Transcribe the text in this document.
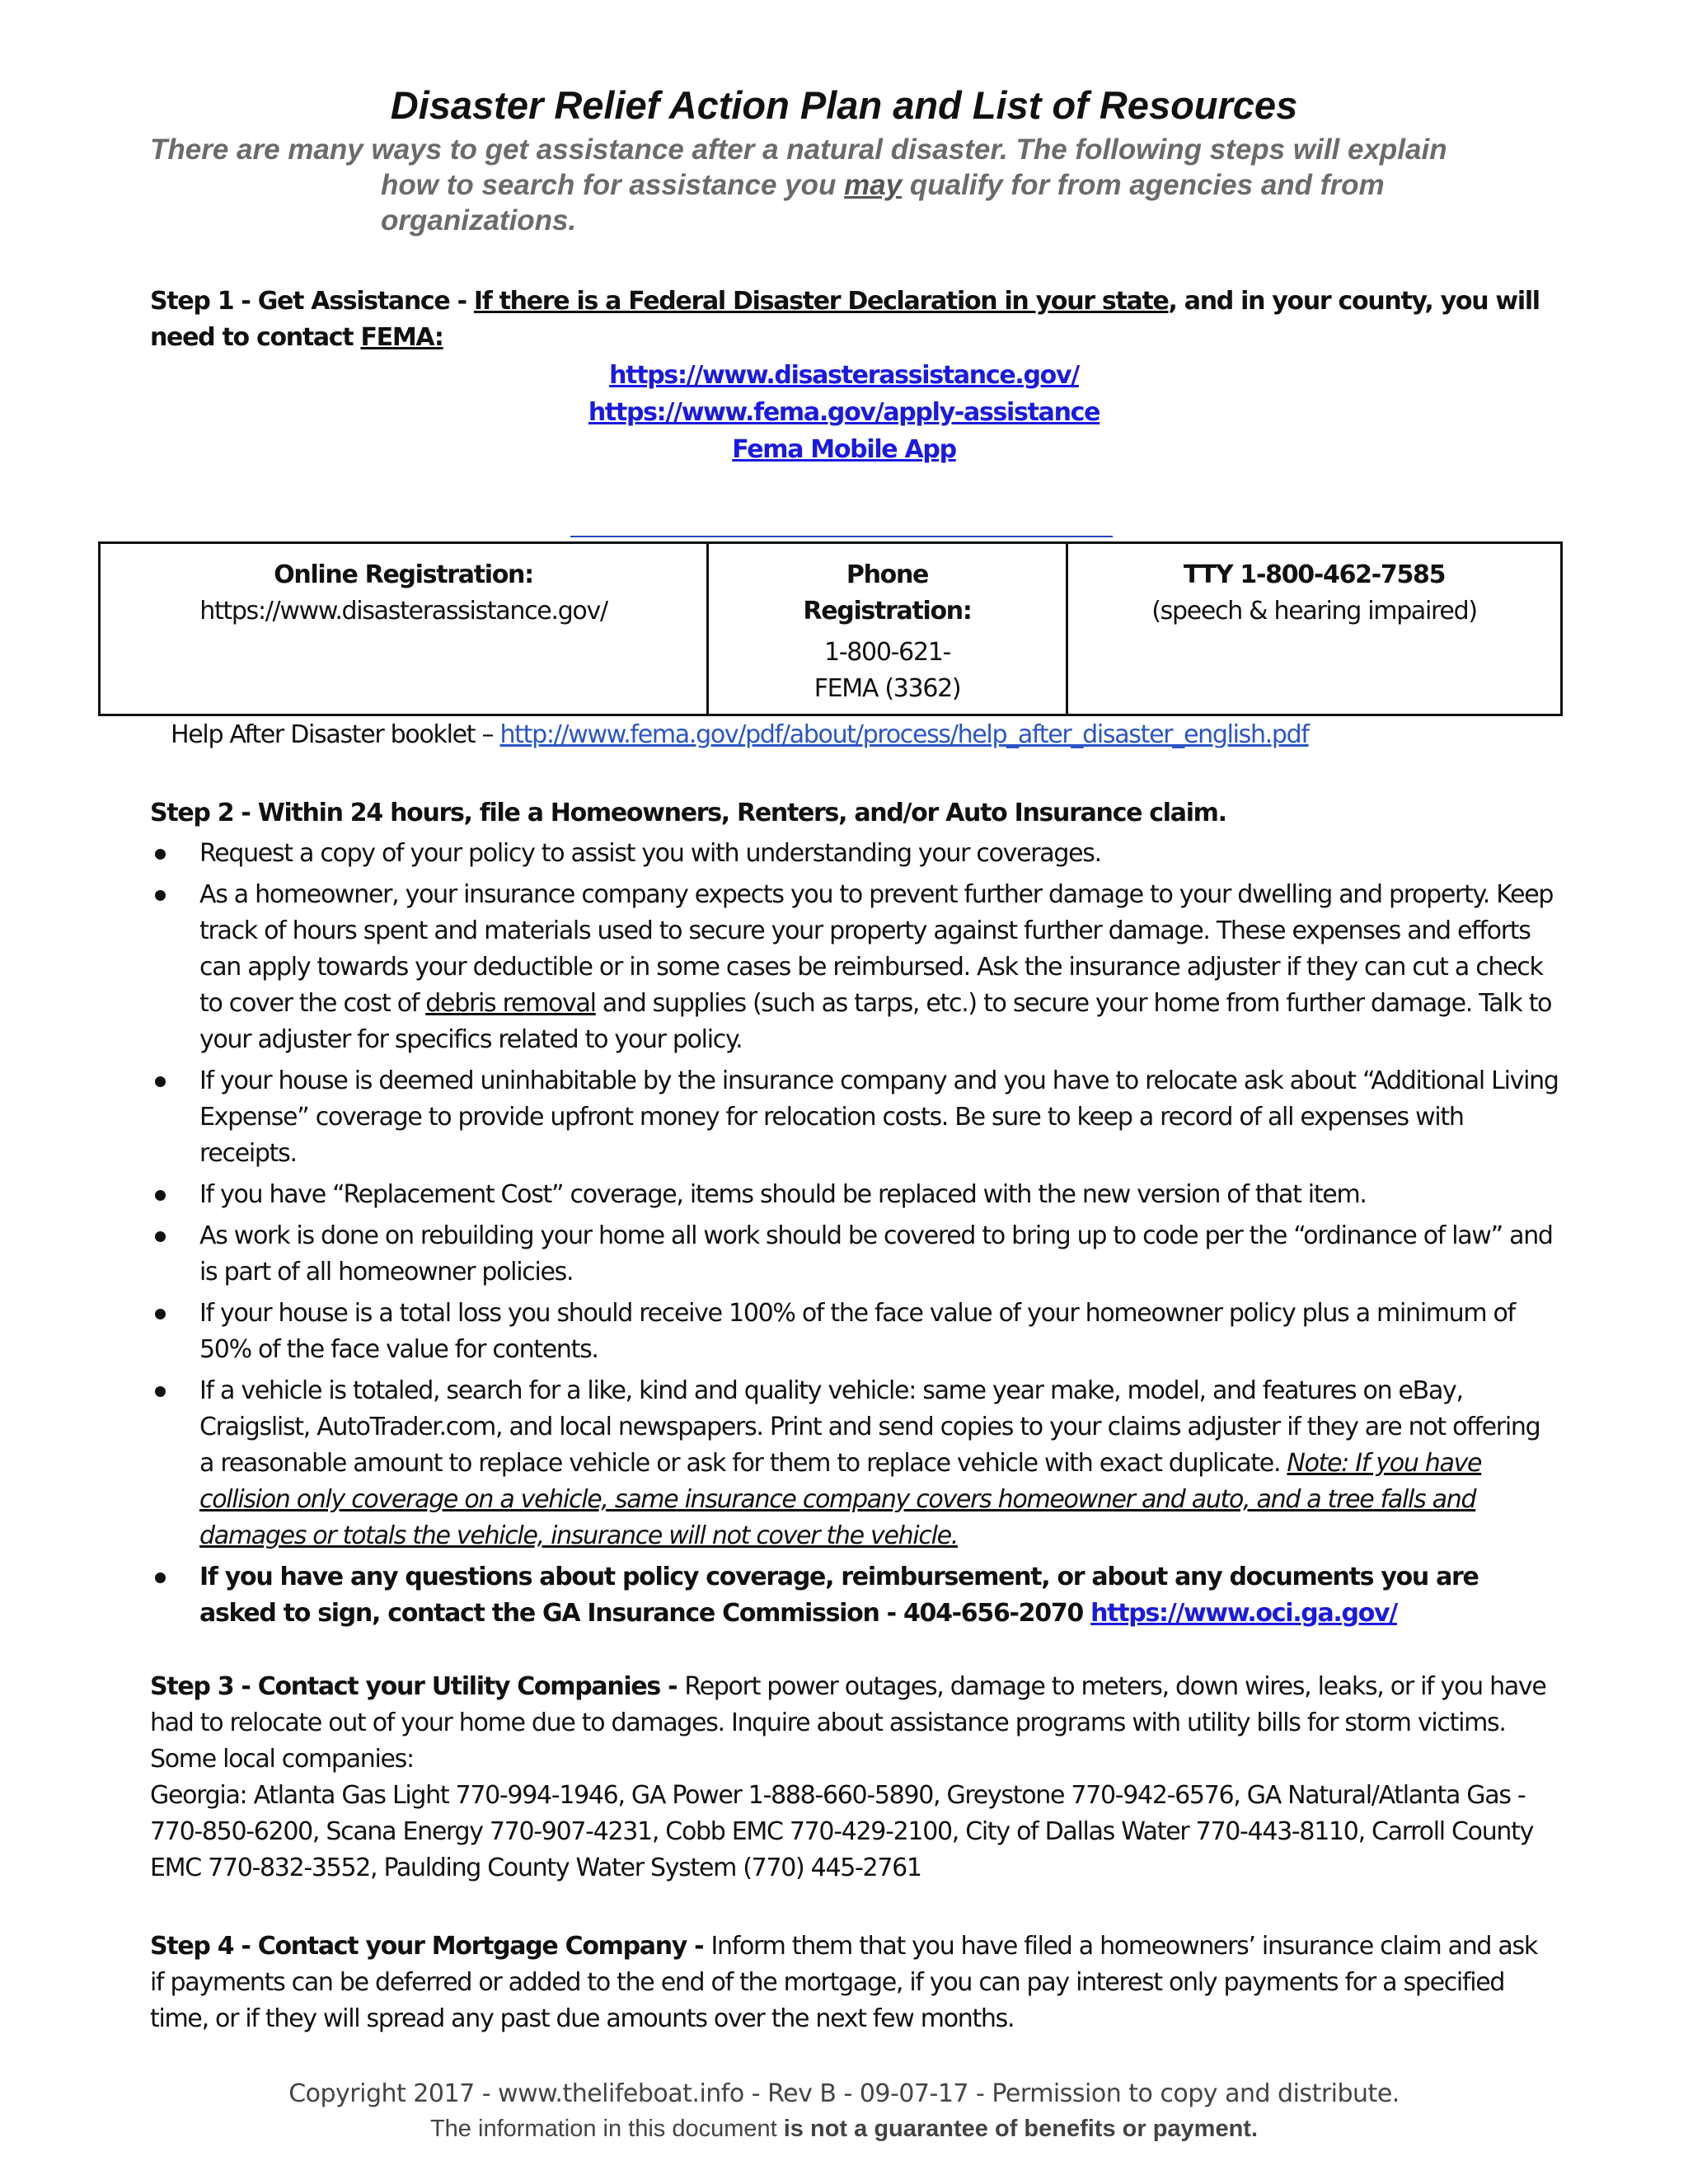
Disaster Relief Action Plan and List of Resources
There are many ways to get assistance after a natural disaster. The following steps will explain
how to search for assistance you may qualify for from agencies and from
organizations.
Step 1 - Get Assistance - If there is a Federal Disaster Declaration in your state, and in your county, you will need to contact FEMA:
https://www.disasterassistance.gov/
https://www.fema.gov/apply-assistance
Fema Mobile App
Online Registration:
https://www.disasterassistance.gov/

Phone Registration:
1-800-621-
FEMA (3362)

TTY 1-800-462-7585
(speech & hearing impaired)
Help After Disaster booklet – http://www.fema.gov/pdf/about/process/help_after_disaster_english.pdf
Step 2 - Within 24 hours, file a Homeowners, Renters, and/or Auto Insurance claim.
Request a copy of your policy to assist you with understanding your coverages.
As a homeowner, your insurance company expects you to prevent further damage to your dwelling and property. Keep track of hours spent and materials used to secure your property against further damage. These expenses and efforts can apply towards your deductible or in some cases be reimbursed. Ask the insurance adjuster if they can cut a check to cover the cost of debris removal and supplies (such as tarps, etc.) to secure your home from further damage. Talk to your adjuster for specifics related to your policy.
If your house is deemed uninhabitable by the insurance company and you have to relocate ask about “Additional Living Expense” coverage to provide upfront money for relocation costs. Be sure to keep a record of all expenses with receipts.
If you have “Replacement Cost” coverage, items should be replaced with the new version of that item.
As work is done on rebuilding your home all work should be covered to bring up to code per the “ordinance of law” and is part of all homeowner policies.
If your house is a total loss you should receive 100% of the face value of your homeowner policy plus a minimum of 50% of the face value for contents.
If a vehicle is totaled, search for a like, kind and quality vehicle: same year make, model, and features on eBay, Craigslist, AutoTrader.com, and local newspapers. Print and send copies to your claims adjuster if they are not offering a reasonable amount to replace vehicle or ask for them to replace vehicle with exact duplicate. Note: If you have collision only coverage on a vehicle, same insurance company covers homeowner and auto, and a tree falls and damages or totals the vehicle, insurance will not cover the vehicle.
If you have any questions about policy coverage, reimbursement, or about any documents you are asked to sign, contact the GA Insurance Commission - 404-656-2070 https://www.oci.ga.gov/
Step 3 - Contact your Utility Companies - Report power outages, damage to meters, down wires, leaks, or if you have had to relocate out of your home due to damages. Inquire about assistance programs with utility bills for storm victims. Some local companies:
Georgia: Atlanta Gas Light 770-994-1946, GA Power 1-888-660-5890, Greystone 770-942-6576, GA Natural/Atlanta Gas - 770-850-6200, Scana Energy 770-907-4231, Cobb EMC 770-429-2100, City of Dallas Water 770-443-8110, Carroll County EMC 770-832-3552, Paulding County Water System (770) 445-2761
Step 4 - Contact your Mortgage Company - Inform them that you have filed a homeowners’ insurance claim and ask if payments can be deferred or added to the end of the mortgage, if you can pay interest only payments for a specified time, or if they will spread any past due amounts over the next few months.
Copyright 2017 - www.thelifeboat.info - Rev B - 09-07-17 - Permission to copy and distribute.
The information in this document is not a guarantee of benefits or payment.
